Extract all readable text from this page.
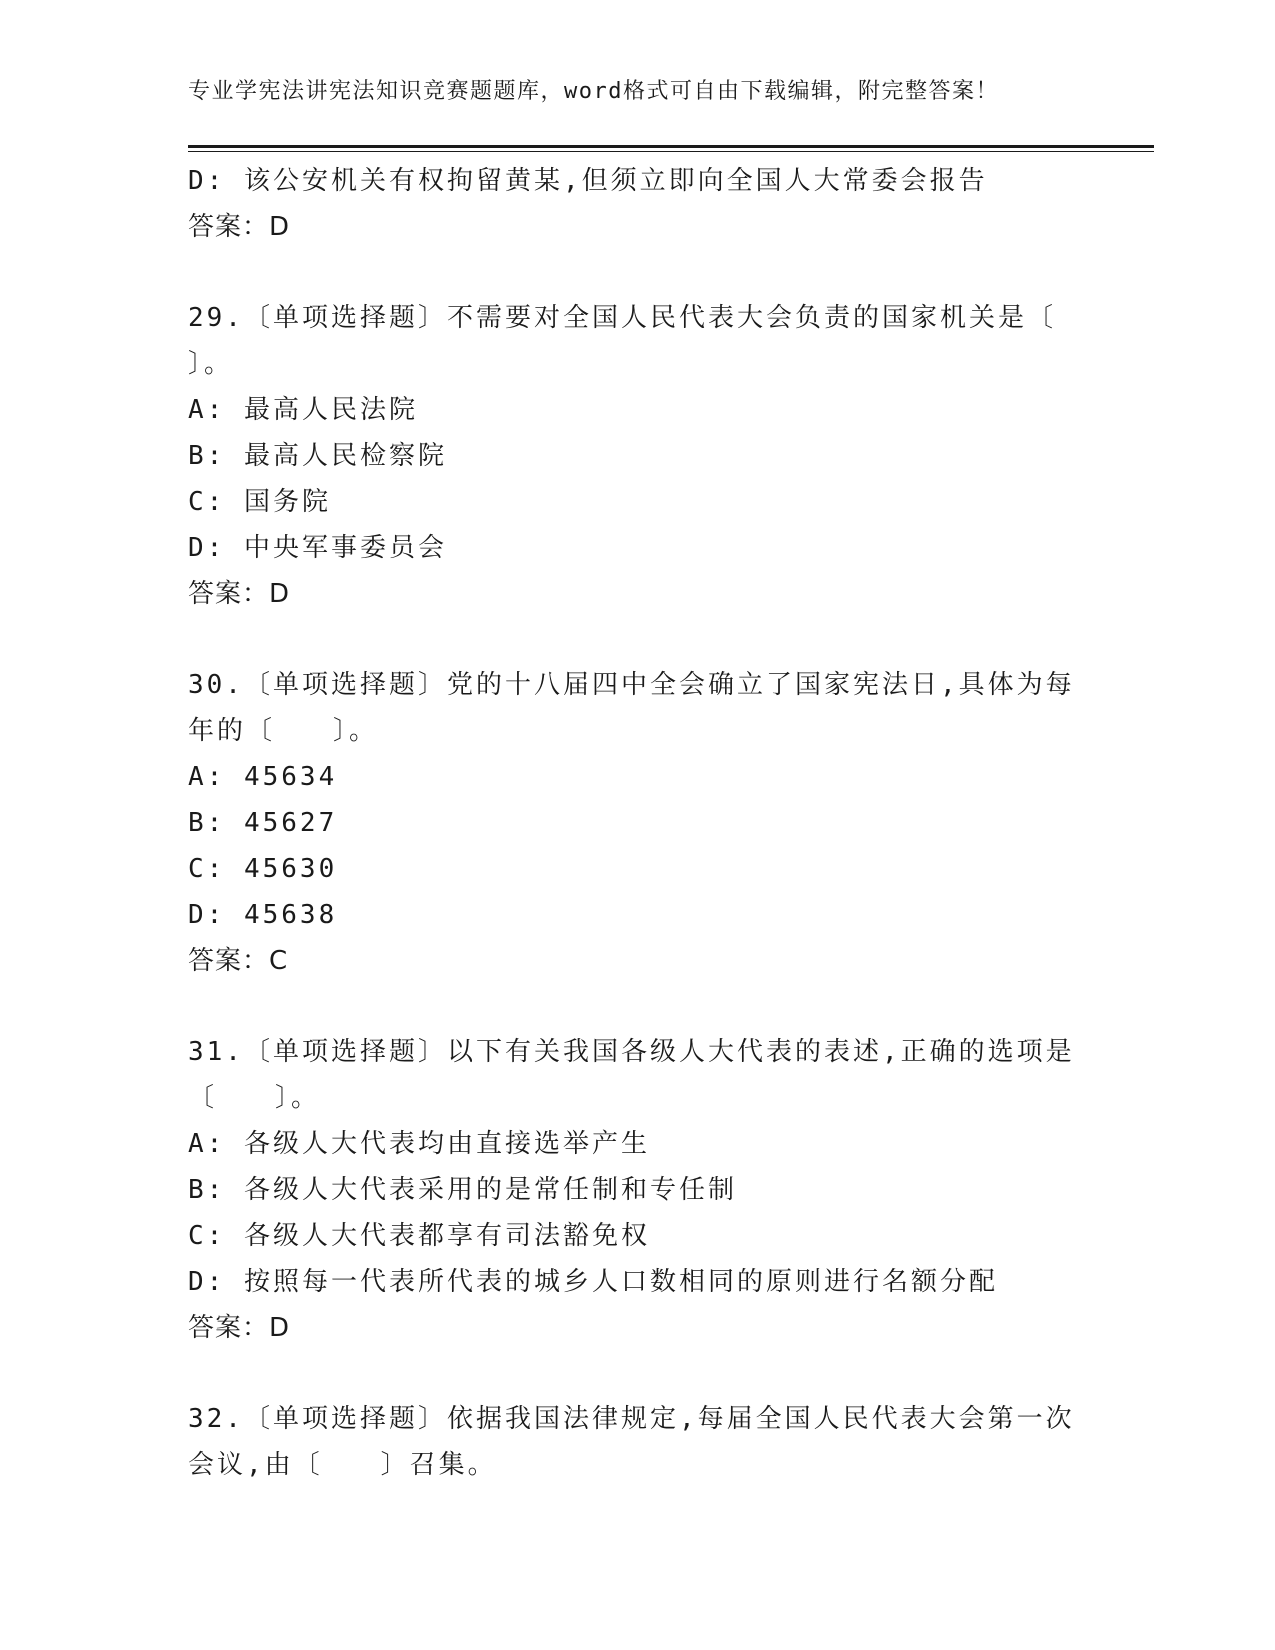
专业学宪法讲宪法知识竞赛题题库，word格式可自由下载编辑，附完整答案！
D: 该公安机关有权拘留黄某,但须立即向全国人大常委会报告
答案：D
29.〔单项选择题〕不需要对全国人民代表大会负责的国家机关是〔
〕。
A: 最高人民法院
B: 最高人民检察院
C: 国务院
D: 中央军事委员会
答案：D
30.〔单项选择题〕党的十八届四中全会确立了国家宪法日,具体为每
年的〔　　〕。
A: 45634
B: 45627
C: 45630
D: 45638
答案：C
31.〔单项选择题〕以下有关我国各级人大代表的表述,正确的选项是
〔　　〕。
A: 各级人大代表均由直接选举产生
B: 各级人大代表采用的是常任制和专任制
C: 各级人大代表都享有司法豁免权
D: 按照每一代表所代表的城乡人口数相同的原则进行名额分配
答案：D
32.〔单项选择题〕依据我国法律规定,每届全国人民代表大会第一次
会议,由〔　　〕召集。
